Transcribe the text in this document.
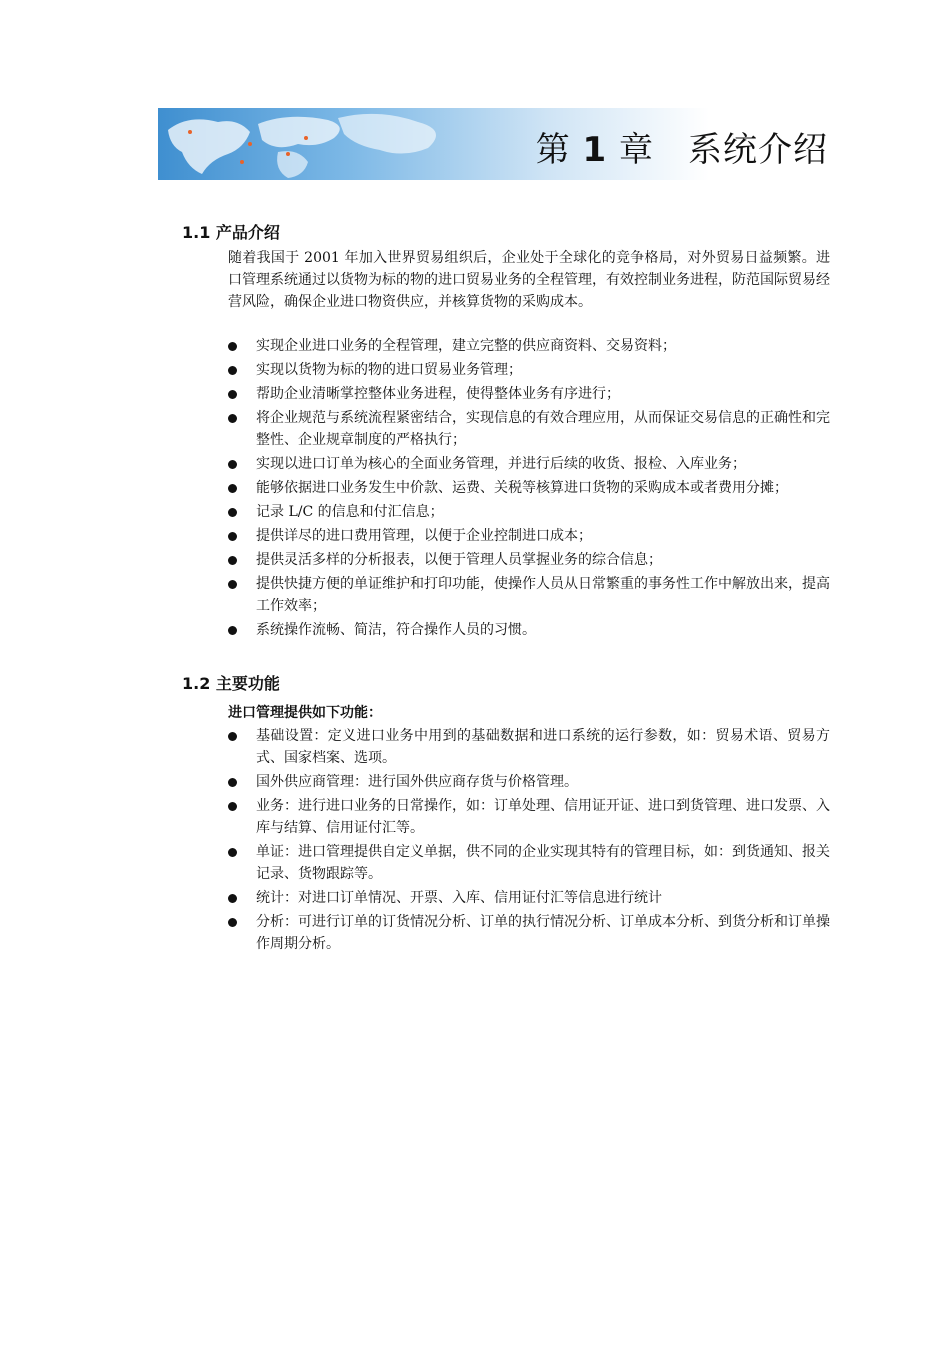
第 1 章 系统介绍
1.1 产品介绍

随着我国于 2001 年加入世界贸易组织后，企业处于全球化的竞争格局，对外贸易日益频繁。进口管理系统通过以货物为标的物的进口贸易业务的全程管理，有效控制业务进程，防范国际贸易经营风险，确保企业进口物资供应，并核算货物的采购成本。

实现企业进口业务的全程管理，建立完整的供应商资料、交易资料；
实现以货物为标的物的进口贸易业务管理；
帮助企业清晰掌控整体业务进程，使得整体业务有序进行；
将企业规范与系统流程紧密结合，实现信息的有效合理应用，从而保证交易信息的正确性和完整性、企业规章制度的严格执行；
实现以进口订单为核心的全面业务管理，并进行后续的收货、报检、入库业务；
能够依据进口业务发生中价款、运费、关税等核算进口货物的采购成本或者费用分摊；
记录 L/C 的信息和付汇信息；
提供详尽的进口费用管理，以便于企业控制进口成本；
提供灵活多样的分析报表，以便于管理人员掌握业务的综合信息；
提供快捷方便的单证维护和打印功能，使操作人员从日常繁重的事务性工作中解放出来，提高工作效率；
系统操作流畅、简洁，符合操作人员的习惯。
1.2 主要功能

进口管理提供如下功能：

基础设置：定义进口业务中用到的基础数据和进口系统的运行参数，如：贸易术语、贸易方式、国家档案、选项。
国外供应商管理：进行国外供应商存货与价格管理。
业务：进行进口业务的日常操作，如：订单处理、信用证开证、进口到货管理、进口发票、入库与结算、信用证付汇等。
单证：进口管理提供自定义单据，供不同的企业实现其特有的管理目标，如：到货通知、报关记录、货物跟踪等。
统计：对进口订单情况、开票、入库、信用证付汇等信息进行统计
分析：可进行订单的订货情况分析、订单的执行情况分析、订单成本分析、到货分析和订单操作周期分析。
